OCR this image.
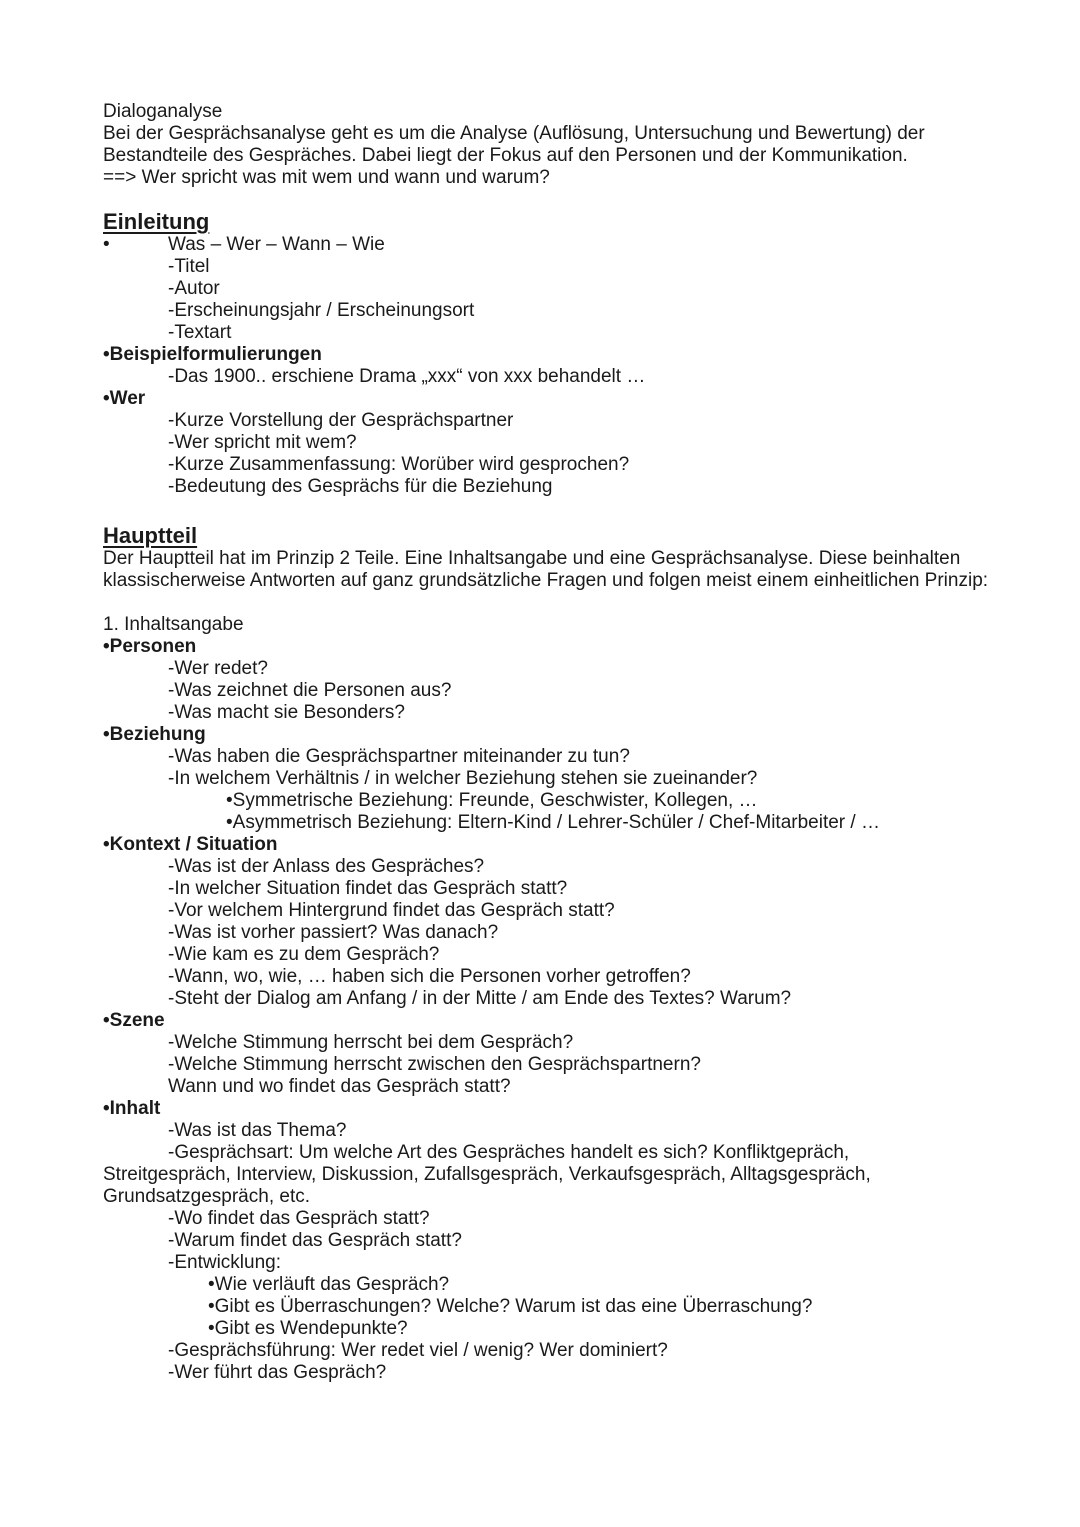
Dialoganalyse
Bei der Gesprächsanalyse geht es um die Analyse (Auflösung, Untersuchung und Bewertung) der Bestandteile des Gespräches. Dabei liegt der Fokus auf den Personen und der Kommunikation.
==> Wer spricht was mit wem und wann und warum?
Einleitung
•	Was – Wer – Wann – Wie
-Titel
-Autor
-Erscheinungsjahr / Erscheinungsort
-Textart
•Beispielformulierungen
-Das 1900.. erschiene Drama „xxx“ von xxx behandelt …
•Wer
-Kurze Vorstellung der Gesprächspartner
-Wer spricht mit wem?
-Kurze Zusammenfassung: Worüber wird gesprochen?
-Bedeutung des Gesprächs für die Beziehung
Hauptteil
Der Hauptteil hat im Prinzip 2 Teile. Eine Inhaltsangabe und eine Gesprächsanalyse. Diese beinhalten klassischerweise Antworten auf ganz grundsätzliche Fragen und folgen meist einem einheitlichen Prinzip:
1. Inhaltsangabe
•Personen
-Wer redet?
-Was zeichnet die Personen aus?
-Was macht sie Besonders?
•Beziehung
-Was haben die Gesprächspartner miteinander zu tun?
-In welchem Verhältnis / in welcher Beziehung stehen sie zueinander?
•Symmetrische Beziehung: Freunde, Geschwister, Kollegen, …
•Asymmetrisch Beziehung: Eltern-Kind / Lehrer-Schüler / Chef-Mitarbeiter / …
•Kontext / Situation
-Was ist der Anlass des Gespräches?
-In welcher Situation findet das Gespräch statt?
-Vor welchem Hintergrund findet das Gespräch statt?
-Was ist vorher passiert? Was danach?
-Wie kam es zu dem Gespräch?
-Wann, wo, wie, … haben sich die Personen vorher getroffen?
-Steht der Dialog am Anfang / in der Mitte / am Ende des Textes? Warum?
•Szene
-Welche Stimmung herrscht bei dem Gespräch?
-Welche Stimmung herrscht zwischen den Gesprächspartnern?
Wann und wo findet das Gespräch statt?
•Inhalt
-Was ist das Thema?
-Gesprächsart: Um welche Art des Gespräches handelt es sich? Konfliktgepräch,
Streitgespräch, Interview, Diskussion, Zufallsgespräch, Verkaufsgespräch, Alltagsgespräch,
Grundsatzgespräch, etc.
-Wo findet das Gespräch statt?
-Warum findet das Gespräch statt?
-Entwicklung:
•Wie verläuft das Gespräch?
•Gibt es Überraschungen? Welche? Warum ist das eine Überraschung?
•Gibt es Wendepunkte?
-Gesprächsführung: Wer redet viel / wenig? Wer dominiert?
-Wer führt das Gespräch?
